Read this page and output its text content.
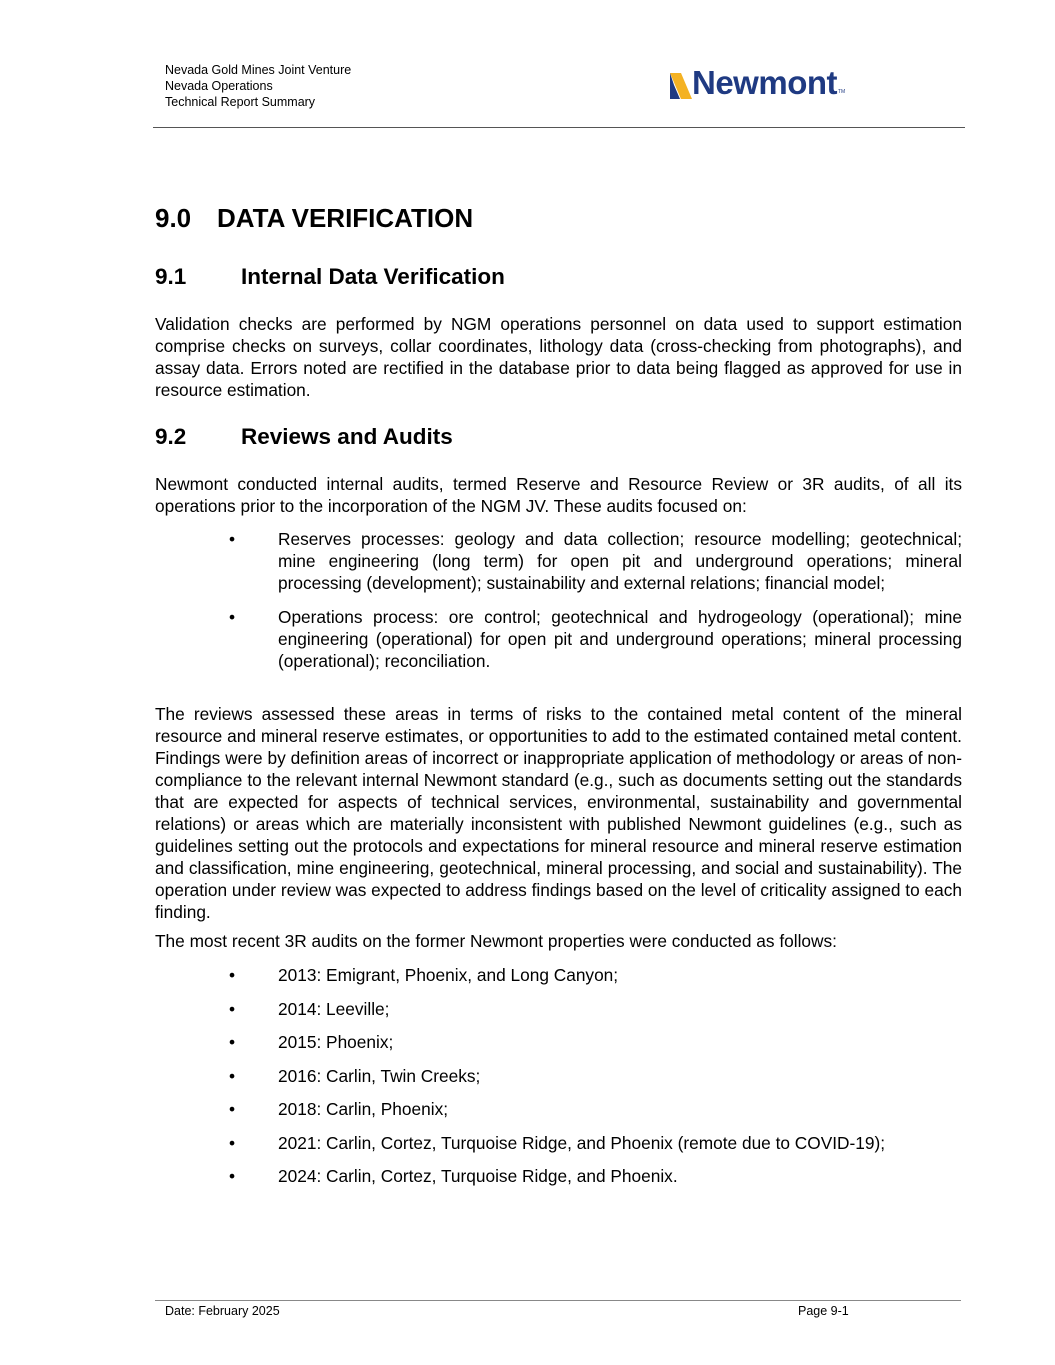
Nevada Gold Mines Joint Venture
Nevada Operations
Technical Report Summary
Newmont TM
9.0 DATA VERIFICATION
9.1 Internal Data Verification

Validation checks are performed by NGM operations personnel on data used to support estimation comprise checks on surveys, collar coordinates, lithology data (cross-checking from photographs), and assay data. Errors noted are rectified in the database prior to data being flagged as approved for use in resource estimation.

9.2 Reviews and Audits

Newmont conducted internal audits, termed Reserve and Resource Review or 3R audits, of all its operations prior to the incorporation of the NGM JV. These audits focused on:

• Reserves processes: geology and data collection; resource modelling; geotechnical; mine engineering (long term) for open pit and underground operations; mineral processing (development); sustainability and external relations; financial model;
• Operations process: ore control; geotechnical and hydrogeology (operational); mine engineering (operational) for open pit and underground operations; mineral processing (operational); reconciliation.

The reviews assessed these areas in terms of risks to the contained metal content of the mineral resource and mineral reserve estimates, or opportunities to add to the estimated contained metal content. Findings were by definition areas of incorrect or inappropriate application of methodology or areas of non-compliance to the relevant internal Newmont standard (e.g., such as documents setting out the standards that are expected for aspects of technical services, environmental, sustainability and governmental relations) or areas which are materially inconsistent with published Newmont guidelines (e.g., such as guidelines setting out the protocols and expectations for mineral resource and mineral reserve estimation and classification, mine engineering, geotechnical, mineral processing, and social and sustainability). The operation under review was expected to address findings based on the level of criticality assigned to each finding.

The most recent 3R audits on the former Newmont properties were conducted as follows:

• 2013: Emigrant, Phoenix, and Long Canyon;
• 2014: Leeville;
• 2015: Phoenix;
• 2016: Carlin, Twin Creeks;
• 2018: Carlin, Phoenix;
• 2021: Carlin, Cortez, Turquoise Ridge, and Phoenix (remote due to COVID-19);
• 2024: Carlin, Cortez, Turquoise Ridge, and Phoenix.
Date: February 2025	Page 9-1
